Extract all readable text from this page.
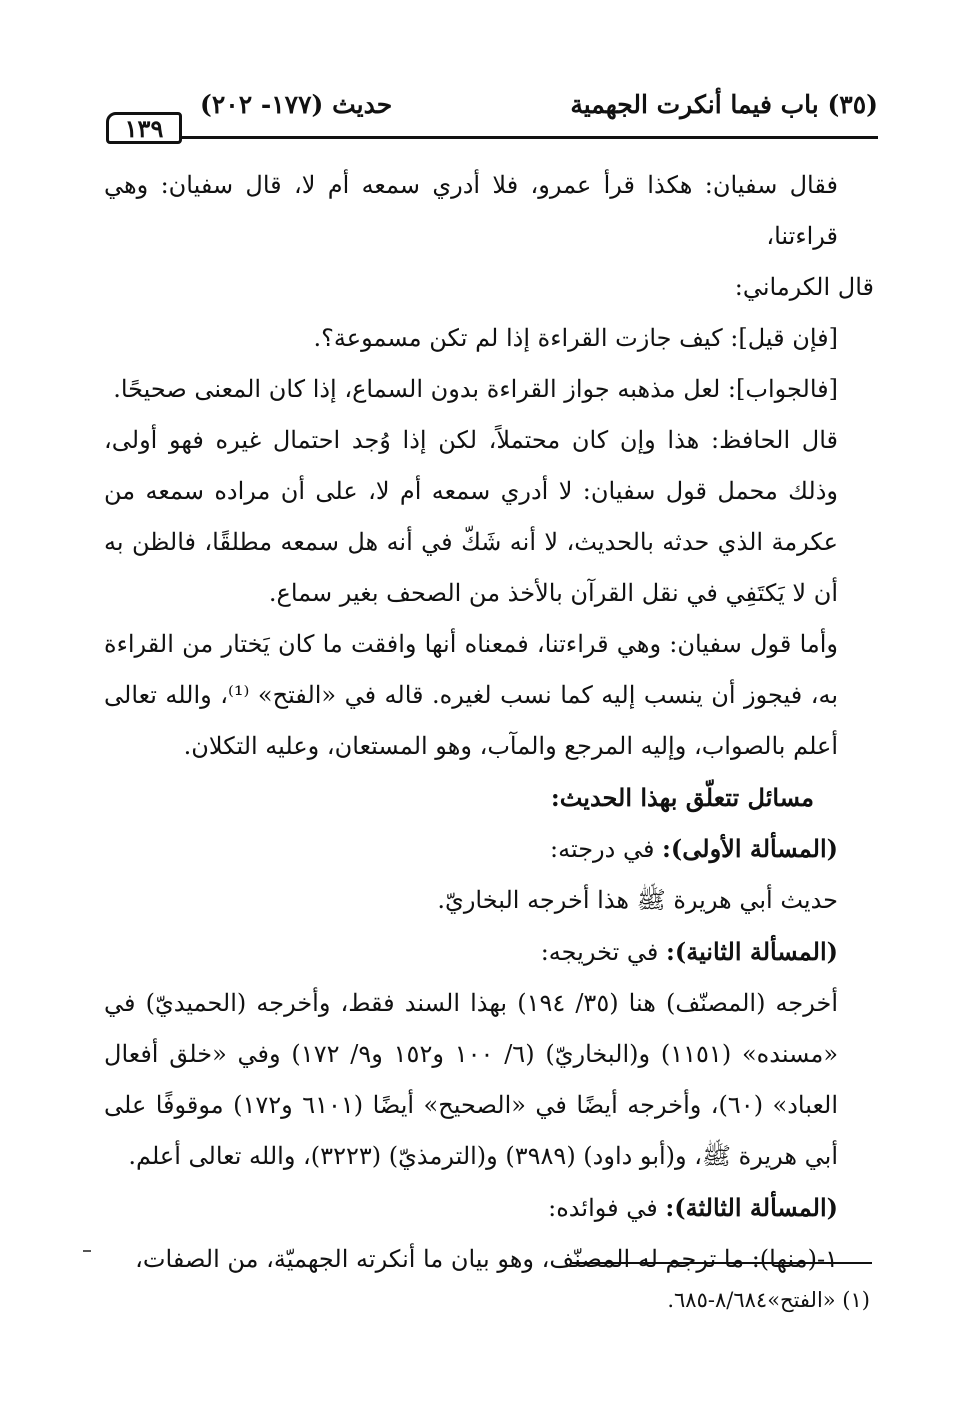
١٣٩
حديث (١٧٧- ٢٠٢)	(٣٥) باب فيما أنكرت الجهمية

فقال سفيان: هكذا قرأ عمرو، فلا أدري سمعه أم لا، قال سفيان: وهي قراءتنا،

قال الكرماني:

[فإن قيل]: كيف جازت القراءة إذا لم تكن مسموعة؟.

[فالجواب]: لعل مذهبه جواز القراءة بدون السماع، إذا كان المعنى صحيحًا.

قال الحافظ: هذا وإن كان محتملاً، لكن إذا وُجد احتمال غيره فهو أولى، وذلك محمل قول سفيان: لا أدري سمعه أم لا، على أن مراده سمعه من عكرمة الذي حدثه بالحديث، لا أنه شَكّ في أنه هل سمعه مطلقًا، فالظن به أن لا يَكتَفِي في نقل القرآن بالأخذ من الصحف بغير سماع.

وأما قول سفيان: وهي قراءتنا، فمعناه أنها وافقت ما كان يَختار من القراءة به، فيجوز أن ينسب إليه كما نسب لغيره. قاله في «الفتح» ⁽¹⁾، والله تعالى أعلم بالصواب، وإليه المرجع والمآب، وهو المستعان، وعليه التكلان.

مسائل تتعلّق بهذا الحديث:

(المسألة الأولى): في درجته:

حديث أبي هريرة ﷺ هذا أخرجه البخاريّ.

(المسألة الثانية): في تخريجه:

أخرجه (المصنّف) هنا (٣٥/ ١٩٤) بهذا السند فقط، وأخرجه (الحميديّ) في «مسنده» (١١٥١) و(البخاريّ) (٦/ ١٠٠ و١٥٢ و٩/ ١٧٢) وفي «خلق أفعال العباد» (٦٠)، وأخرجه أيضًا في «الصحيح» أيضًا (٦١٠١ و١٧٢) موقوفًا على أبي هريرة ﷺ، و(أبو داود) (٣٩٨٩) و(الترمذيّ) (٣٢٢٣)، والله تعالى أعلم.

(المسألة الثالثة): في فوائده:

١-(منها): ما ترجم له المصنّف، وهو بيان ما أنكرته الجهميّة، من الصفات،

(١) «الفتح»٨/٦٨٤-٦٨٥.
